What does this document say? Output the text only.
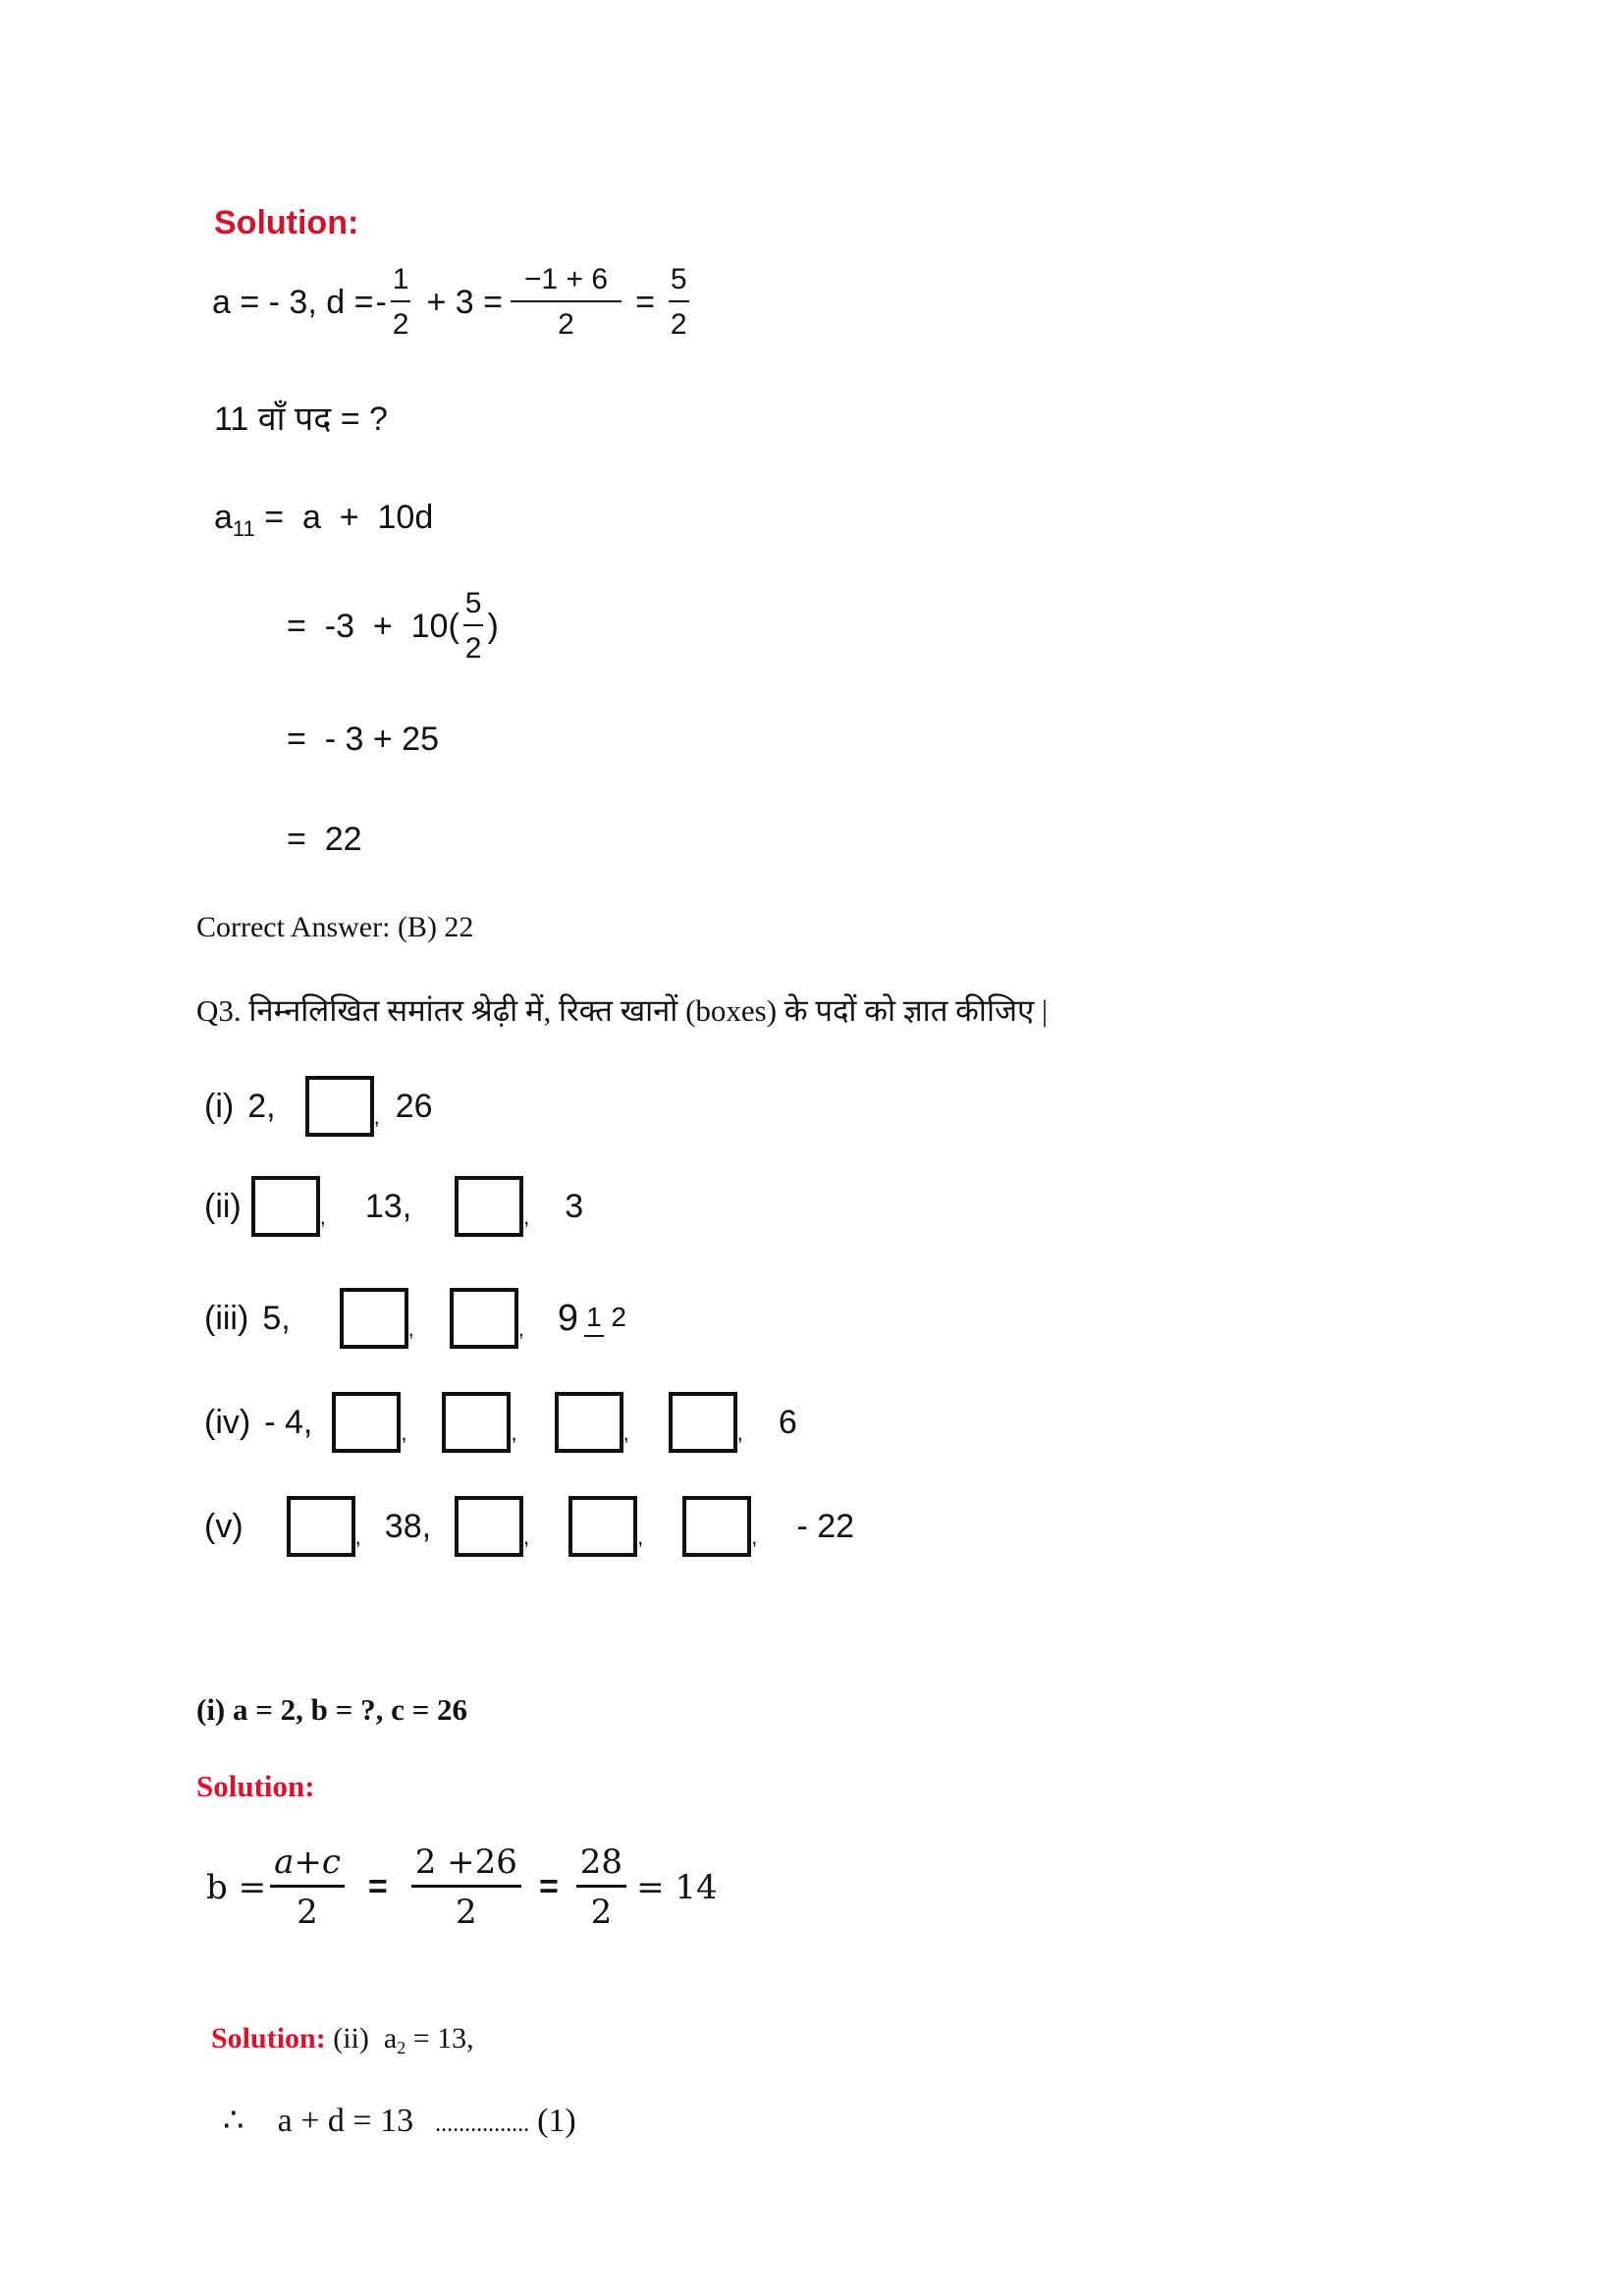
Solution:
a = - 3, d = - $\frac{1}{2} + 3 = \frac{-1 + 6}{2} = \frac{5}{2}$
11 वाँ पद = ?
$a_{11} = a + 10d$
=  $-3 + 10( \frac{5}{2}$ )
=  - 3 + 25
=  22
Correct Answer: (B) 22
Q3. निम्नलिखित समांतर श्रेढ़ी में, रिक्त खानों (boxes) के पदों को ज्ञात कीजिए |
(i) 2,	, 26
(ii)	, 13,	, 3
(iii) 5,	,	, 9 1 2
(iv) - 4,	,	,	,	, 6
(v)	, 38,	,	,	, - 22
(i) a = 2, b = ?, c = 26
Solution:
$b = \frac{a+c}{2} = \frac{2 +26}{2} = \frac{28}{2} = 14$

Solution: (ii)  $a_2 = 13$,

∴ a + d = 13 ................ (1)
